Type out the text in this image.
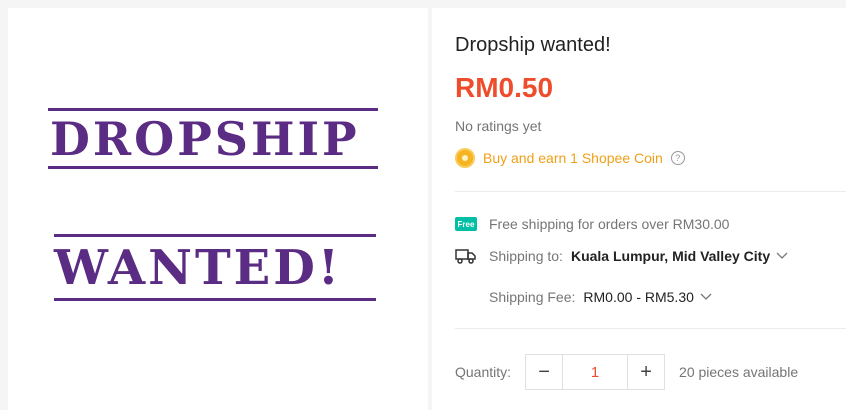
DROPSHIP
WANTED!
Dropship wanted!
RM0.50
No ratings yet
Buy and earn 1 Shopee Coin	?
Free Free shipping for orders over RM30.00
Shipping to: Kuala Lumpur, Mid Valley City
Shipping Fee: RM0.00 - RM5.30
Quantity:	−	1	+	20 pieces available
